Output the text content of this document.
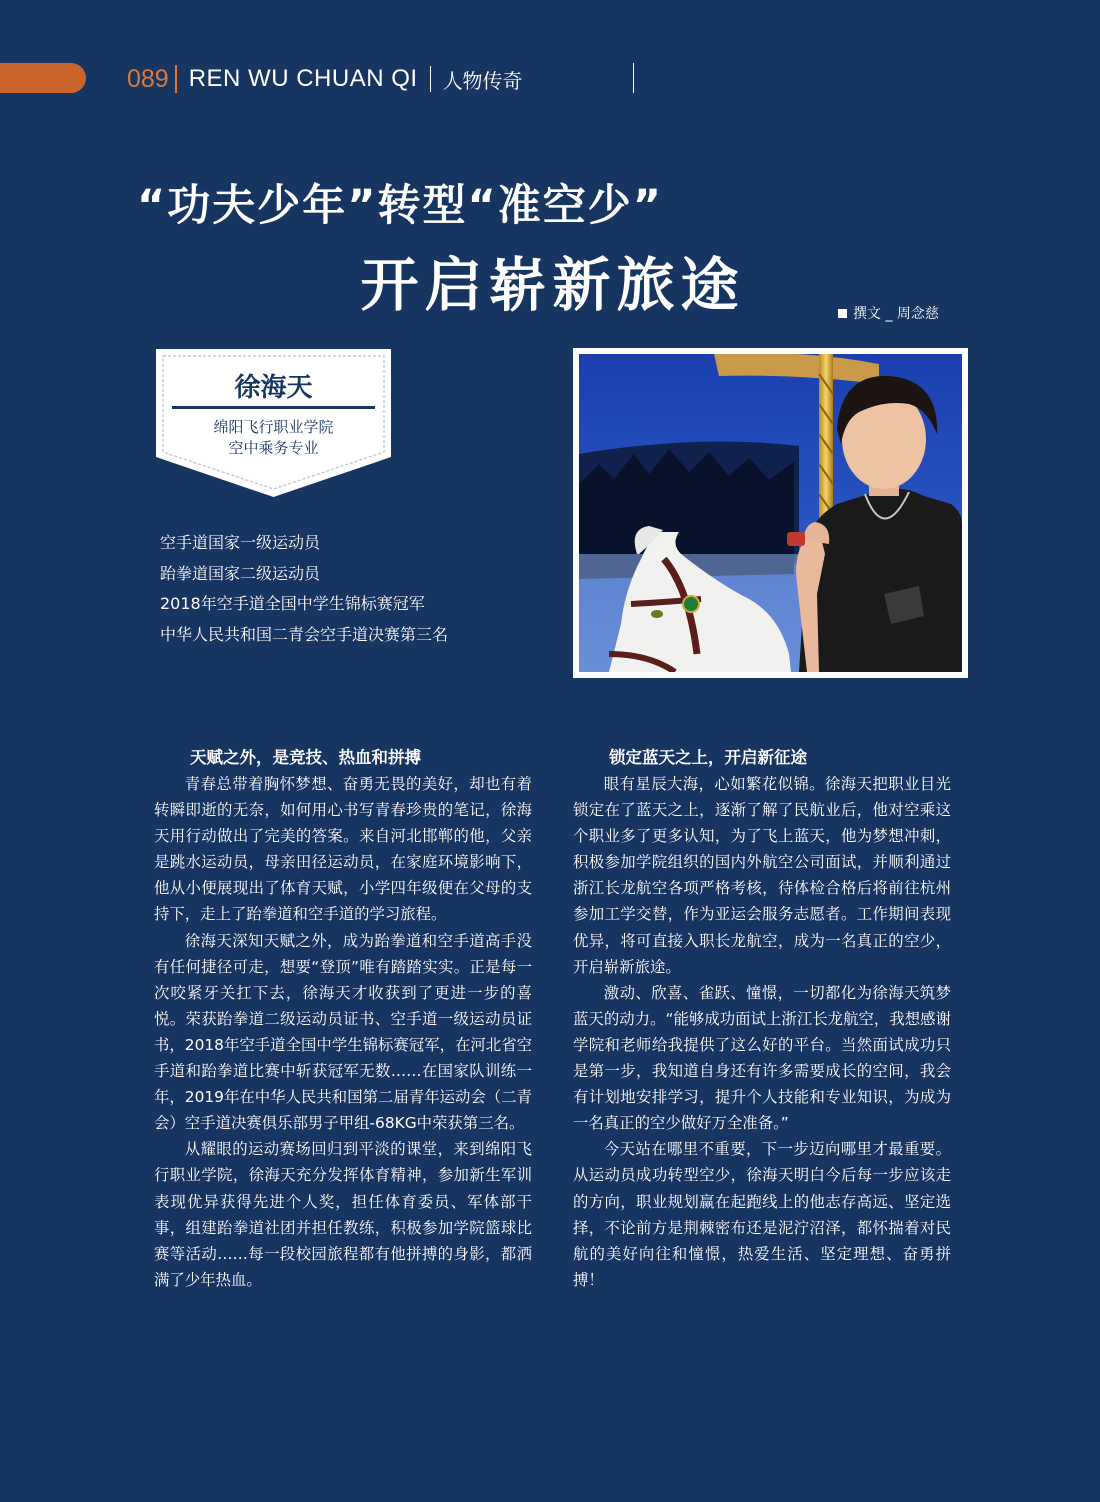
089 REN WU CHUAN QI 人物传奇
“功夫少年”转型“准空少”
开启崭新旅途	撰文 _ 周念慈
徐海天
绵阳飞行职业学院
空中乘务专业
空手道国家一级运动员
跆拳道国家二级运动员
2018年空手道全国中学生锦标赛冠军
中华人民共和国二青会空手道决赛第三名

天赋之外，是竞技、热血和拼搏

青春总带着胸怀梦想、奋勇无畏的美好，却也有着转瞬即逝的无奈，如何用心书写青春珍贵的笔记，徐海天用行动做出了完美的答案。来自河北邯郸的他，父亲是跳水运动员，母亲田径运动员，在家庭环境影响下，他从小便展现出了体育天赋，小学四年级便在父母的支持下，走上了跆拳道和空手道的学习旅程。

徐海天深知天赋之外，成为跆拳道和空手道高手没有任何捷径可走，想要“登顶”唯有踏踏实实。正是每一次咬紧牙关扛下去，徐海天才收获到了更进一步的喜悦。荣获跆拳道二级运动员证书、空手道一级运动员证书，2018年空手道全国中学生锦标赛冠军，在河北省空手道和跆拳道比赛中斩获冠军无数……在国家队训练一年，2019年在中华人民共和国第二届青年运动会（二青会）空手道决赛俱乐部男子甲组-68KG中荣获第三名。

从耀眼的运动赛场回归到平淡的课堂，来到绵阳飞行职业学院，徐海天充分发挥体育精神，参加新生军训表现优异获得先进个人奖，担任体育委员、军体部干事，组建跆拳道社团并担任教练，积极参加学院篮球比赛等活动……每一段校园旅程都有他拼搏的身影，都洒满了少年热血。

锁定蓝天之上，开启新征途

眼有星辰大海，心如繁花似锦。徐海天把职业目光锁定在了蓝天之上，逐渐了解了民航业后，他对空乘这个职业多了更多认知，为了飞上蓝天，他为梦想冲刺，积极参加学院组织的国内外航空公司面试，并顺利通过浙江长龙航空各项严格考核，待体检合格后将前往杭州参加工学交替，作为亚运会服务志愿者。工作期间表现优异，将可直接入职长龙航空，成为一名真正的空少，开启崭新旅途。

激动、欣喜、雀跃、憧憬，一切都化为徐海天筑梦蓝天的动力。“能够成功面试上浙江长龙航空，我想感谢学院和老师给我提供了这么好的平台。当然面试成功只是第一步，我知道自身还有许多需要成长的空间，我会有计划地安排学习，提升个人技能和专业知识，为成为一名真正的空少做好万全准备。”

今天站在哪里不重要，下一步迈向哪里才最重要。从运动员成功转型空少，徐海天明白今后每一步应该走的方向，职业规划赢在起跑线上的他志存高远、坚定选择，不论前方是荆棘密布还是泥泞沼泽，都怀揣着对民航的美好向往和憧憬，热爱生活、坚定理想、奋勇拼搏！
